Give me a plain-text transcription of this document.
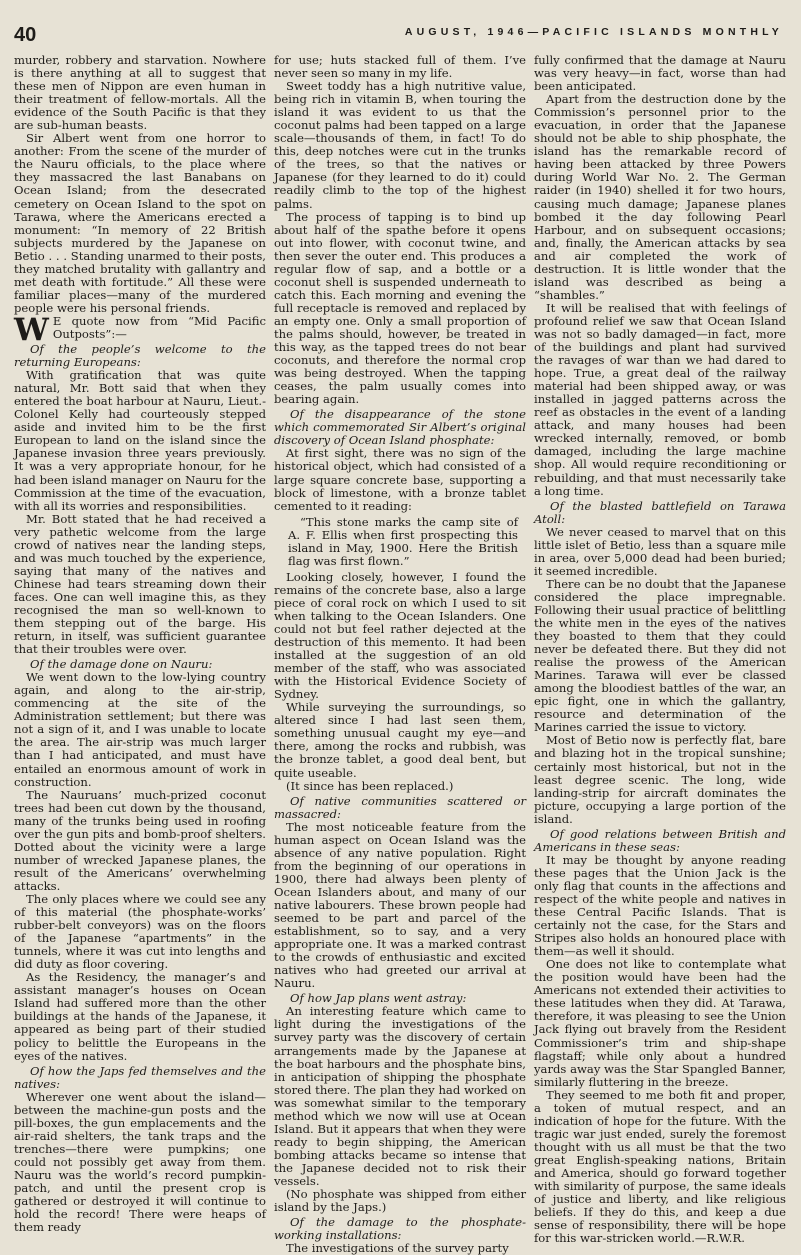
40	AUGUST, 1946—PACIFIC ISLANDS MONTHLY

murder, robbery and starvation. Nowhere is there anything at all to suggest that these men of Nippon are even human in their treatment of fellow-mortals. All the evidence of the South Pacific is that they are sub-human beasts.

Sir Albert went from one horror to another: From the scene of the murder of the Nauru officials, to the place where they massacred the last Banabans on Ocean Island; from the desecrated cemetery on Ocean Island to the spot on Tarawa, where the Americans erected a monument: “In memory of 22 British subjects murdered by the Japanese on Betio . . . Standing unarmed to their posts, they matched brutality with gallantry and met death with fortitude.” All these were familiar places—many of the murdered people were his personal friends.

W E quote now from “Mid Pacific Outposts”:—

Of the people’s welcome to the returning Europeans:

With gratification that was quite natural, Mr. Bott said that when they entered the boat harbour at Nauru, Lieut.-Colonel Kelly had courteously stepped aside and invited him to be the first European to land on the island since the Japanese invasion three years previously. It was a very appropriate honour, for he had been island manager on Nauru for the Commission at the time of the evacuation, with all its worries and responsibilities.

Mr. Bott stated that he had received a very pathetic welcome from the large crowd of natives near the landing steps, and was much touched by the experience, saying that many of the natives and Chinese had tears streaming down their faces. One can well imagine this, as they recognised the man so well-known to them stepping out of the barge. His return, in itself, was sufficient guarantee that their troubles were over.

Of the damage done on Nauru:

We went down to the low-lying country again, and along to the air-strip, commencing at the site of the Administration settlement; but there was not a sign of it, and I was unable to locate the area. The air-strip was much larger than I had anticipated, and must have entailed an enormous amount of work in construction.

The Nauruans’ much-prized coconut trees had been cut down by the thousand, many of the trunks being used in roofing over the gun pits and bomb-proof shelters. Dotted about the vicinity were a large number of wrecked Japanese planes, the result of the Americans’ overwhelming attacks.

The only places where we could see any of this material (the phosphate-works’ rubber-belt conveyors) was on the floors of the Japanese “apartments” in the tunnels, where it was cut into lengths and did duty as floor covering.

As the Residency, the manager’s and assistant manager’s houses on Ocean Island had suffered more than the other buildings at the hands of the Japanese, it appeared as being part of their studied policy to belittle the Europeans in the eyes of the natives.

Of how the Japs fed themselves and the natives:

Wherever one went about the island—between the machine-gun posts and the pill-boxes, the gun emplacements and the air-raid shelters, the tank traps and the trenches—there were pumpkins; one could not possibly get away from them. Nauru was the world’s record pumpkin-patch, and until the present crop is gathered or destroyed it will continue to hold the record! There were heaps of them ready

for use; huts stacked full of them. I’ve never seen so many in my life.

Sweet toddy has a high nutritive value, being rich in vitamin B, when touring the island it was evident to us that the coconut palms had been tapped on a large scale—thousands of them, in fact! To do this, deep notches were cut in the trunks of the trees, so that the natives or Japanese (for they learned to do it) could readily climb to the top of the highest palms.

The process of tapping is to bind up about half of the spathe before it opens out into flower, with coconut twine, and then sever the outer end. This produces a regular flow of sap, and a bottle or a coconut shell is suspended underneath to catch this. Each morning and evening the full receptacle is removed and replaced by an empty one. Only a small proportion of the palms should, however, be treated in this way, as the tapped trees do not bear coconuts, and therefore the normal crop was being destroyed. When the tapping ceases, the palm usually comes into bearing again.

Of the disappearance of the stone which commemorated Sir Albert’s original discovery of Ocean Island phosphate:

At first sight, there was no sign of the historical object, which had consisted of a large square concrete base, supporting a block of limestone, with a bronze tablet cemented to it reading:

“This stone marks the camp site of A. F. Ellis when first prospecting this island in May, 1900. Here the British flag was first flown.”

Looking closely, however, I found the remains of the concrete base, also a large piece of coral rock on which I used to sit when talking to the Ocean Islanders. One could not but feel rather dejected at the destruction of this memento. It had been installed at the suggestion of an old member of the staff, who was associated with the Historical Evidence Society of Sydney.

While surveying the surroundings, so altered since I had last seen them, something unusual caught my eye—and there, among the rocks and rubbish, was the bronze tablet, a good deal bent, but quite useable.

(It since has been replaced.)

Of native communities scattered or massacred:

The most noticeable feature from the human aspect on Ocean Island was the absence of any native population. Right from the beginning of our operations in 1900, there had always been plenty of Ocean Islanders about, and many of our native labourers. These brown people had seemed to be part and parcel of the establishment, so to say, and a very appropriate one. It was a marked contrast to the crowds of enthusiastic and excited natives who had greeted our arrival at Nauru.

Of how Jap plans went astray:

An interesting feature which came to light during the investigations of the survey party was the discovery of certain arrangements made by the Japanese at the boat harbours and the phosphate bins, in anticipation of shipping the phosphate stored there. The plan they had worked on was somewhat similar to the temporary method which we now will use at Ocean Island. But it appears that when they were ready to begin shipping, the American bombing attacks became so intense that the Japanese decided not to risk their vessels.

(No phosphate was shipped from either island by the Japs.)

Of the damage to the phosphate-working installations:

The investigations of the survey party

fully confirmed that the damage at Nauru was very heavy—in fact, worse than had been anticipated.

Apart from the destruction done by the Commission’s personnel prior to the evacuation, in order that the Japanese should not be able to ship phosphate, the island has the remarkable record of having been attacked by three Powers during World War No. 2. The German raider (in 1940) shelled it for two hours, causing much damage; Japanese planes bombed it the day following Pearl Harbour, and on subsequent occasions; and, finally, the American attacks by sea and air completed the work of destruction. It is little wonder that the island was described as being a “shambles.”

It will be realised that with feelings of profound relief we saw that Ocean Island was not so badly damaged—in fact, more of the buildings and plant had survived the ravages of war than we had dared to hope. True, a great deal of the railway material had been shipped away, or was installed in jagged patterns across the reef as obstacles in the event of a landing attack, and many houses had been wrecked internally, removed, or bomb damaged, including the large machine shop. All would require reconditioning or rebuilding, and that must necessarily take a long time.

Of the blasted battlefield on Tarawa Atoll:

We never ceased to marvel that on this little islet of Betio, less than a square mile in area, over 5,000 dead had been buried; it seemed incredible.

There can be no doubt that the Japanese considered the place impregnable. Following their usual practice of belittling the white men in the eyes of the natives they boasted to them that they could never be defeated there. But they did not realise the prowess of the American Marines. Tarawa will ever be classed among the bloodiest battles of the war, an epic fight, one in which the gallantry, resource and determination of the Marines carried the issue to victory.

Most of Betio now is perfectly flat, bare and blazing hot in the tropical sunshine; certainly most historical, but not in the least degree scenic. The long, wide landing-strip for aircraft dominates the picture, occupying a large portion of the island.

Of good relations between British and Americans in these seas:

It may be thought by anyone reading these pages that the Union Jack is the only flag that counts in the affections and respect of the white people and natives in these Central Pacific Islands. That is certainly not the case, for the Stars and Stripes also holds an honoured place with them—as well it should.

One does not like to contemplate what the position would have been had the Americans not extended their activities to these latitudes when they did. At Tarawa, therefore, it was pleasing to see the Union Jack flying out bravely from the Resident Commissioner’s trim and ship-shape flagstaff; while only about a hundred yards away was the Star Spangled Banner, similarly fluttering in the breeze.

They seemed to me both fit and proper, a token of mutual respect, and an indication of hope for the future. With the tragic war just ended, surely the foremost thought with us all must be that the two great English-speaking nations, Britain and America, should go forward together with similarity of purpose, the same ideals of justice and liberty, and like religious beliefs. If they do this, and keep a due sense of responsibility, there will be hope for this war-stricken world.—R.W.R.
